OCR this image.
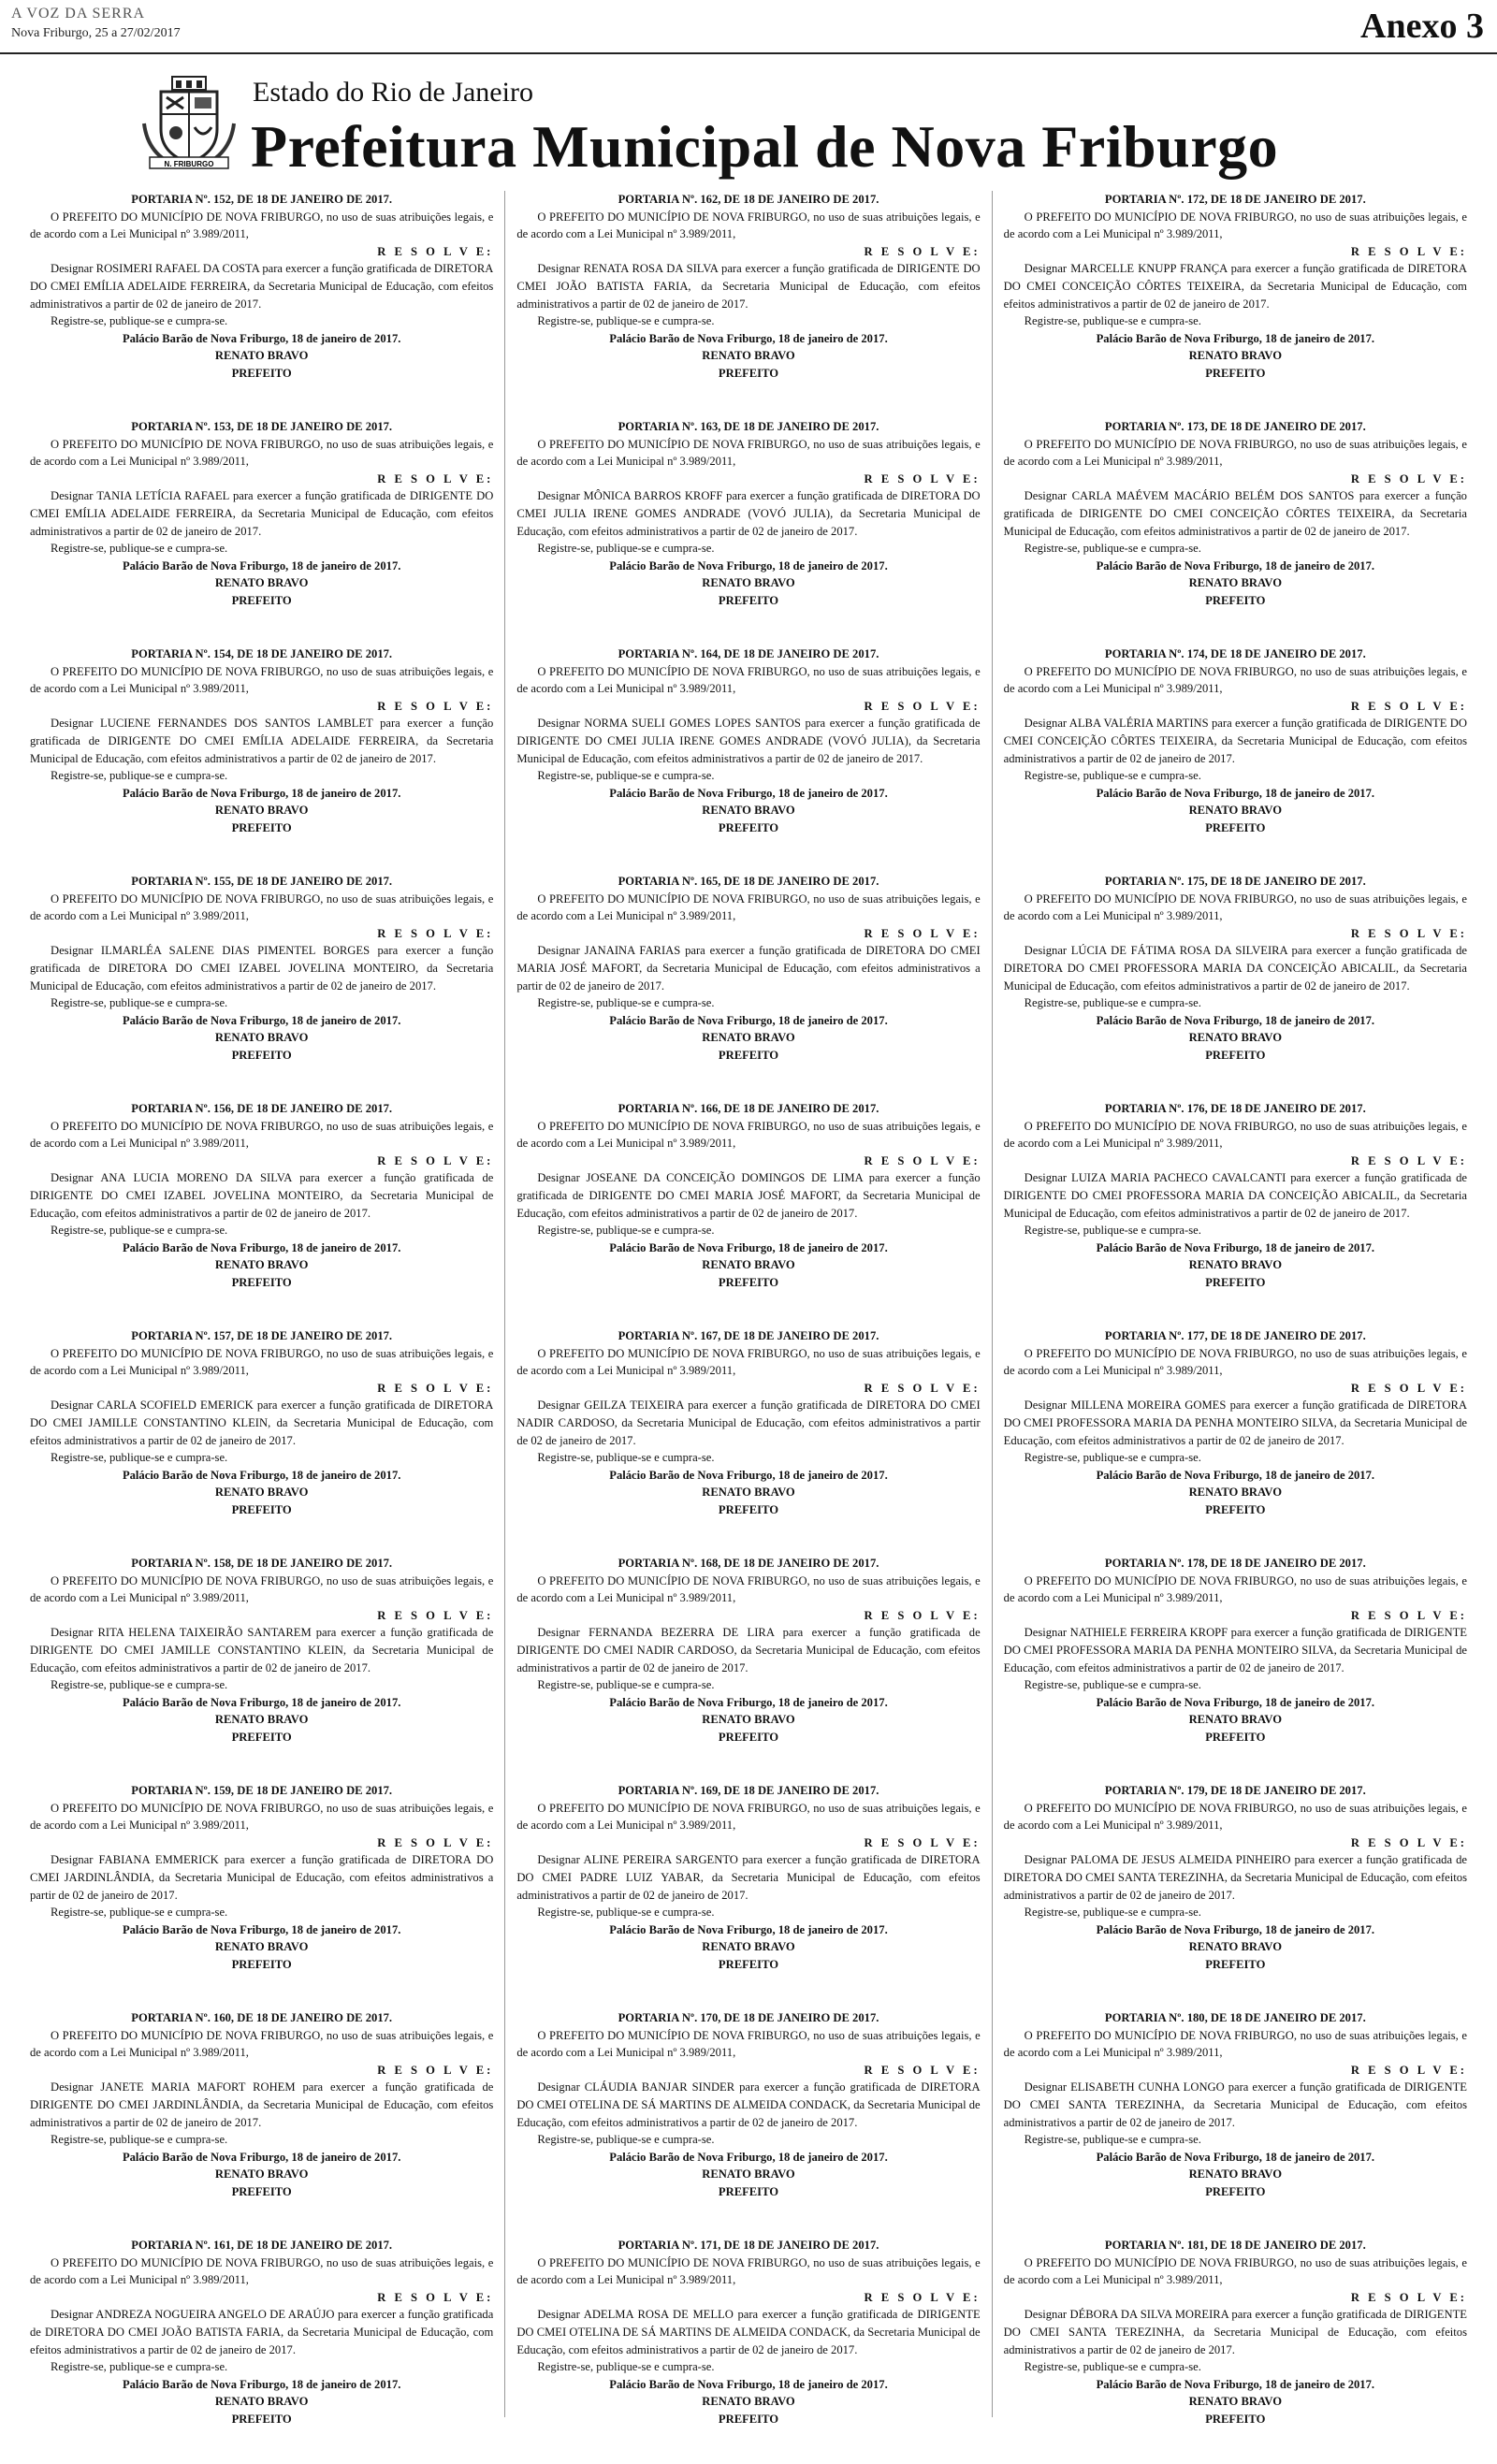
A VOZ DA SERRA
Nova Friburgo, 25 a 27/02/2017	Anexo 3
N. FRIBURGO
Estado do Rio de Janeiro
Prefeitura Municipal de Nova Friburgo
PORTARIA Nº. 152, DE 18 DE JANEIRO DE 2017.
O PREFEITO DO MUNICÍPIO DE NOVA FRIBURGO, no uso de suas atribuições legais, e de acordo com a Lei Municipal nº 3.989/2011,
R E S O L V E:
Designar ROSIMERI RAFAEL DA COSTA para exercer a função gratificada de DIRETORA DO CMEI EMÍLIA ADELAIDE FERREIRA, da Secretaria Municipal de Educação, com efeitos administrativos a partir de 02 de janeiro de 2017.
Registre-se, publique-se e cumpra-se.
Palácio Barão de Nova Friburgo, 18 de janeiro de 2017.
RENATO BRAVO
PREFEITO
PORTARIA Nº. 153, DE 18 DE JANEIRO DE 2017.
O PREFEITO DO MUNICÍPIO DE NOVA FRIBURGO, no uso de suas atribuições legais, e de acordo com a Lei Municipal nº 3.989/2011,
R E S O L V E:
Designar TANIA LETÍCIA RAFAEL para exercer a função gratificada de DIRIGENTE DO CMEI EMÍLIA ADELAIDE FERREIRA, da Secretaria Municipal de Educação, com efeitos administrativos a partir de 02 de janeiro de 2017.
Registre-se, publique-se e cumpra-se.
Palácio Barão de Nova Friburgo, 18 de janeiro de 2017.
RENATO BRAVO
PREFEITO
PORTARIA Nº. 154, DE 18 DE JANEIRO DE 2017.
O PREFEITO DO MUNICÍPIO DE NOVA FRIBURGO, no uso de suas atribuições legais, e de acordo com a Lei Municipal nº 3.989/2011,
R E S O L V E:
Designar LUCIENE FERNANDES DOS SANTOS LAMBLET para exercer a função gratificada de DIRIGENTE DO CMEI EMÍLIA ADELAIDE FERREIRA, da Secretaria Municipal de Educação, com efeitos administrativos a partir de 02 de janeiro de 2017.
Registre-se, publique-se e cumpra-se.
Palácio Barão de Nova Friburgo, 18 de janeiro de 2017.
RENATO BRAVO
PREFEITO
PORTARIA Nº. 155, DE 18 DE JANEIRO DE 2017.
O PREFEITO DO MUNICÍPIO DE NOVA FRIBURGO, no uso de suas atribuições legais, e de acordo com a Lei Municipal nº 3.989/2011,
R E S O L V E:
Designar ILMARLÉA SALENE DIAS PIMENTEL BORGES para exercer a função gratificada de DIRETORA DO CMEI IZABEL JOVELINA MONTEIRO, da Secretaria Municipal de Educação, com efeitos administrativos a partir de 02 de janeiro de 2017.
Registre-se, publique-se e cumpra-se.
Palácio Barão de Nova Friburgo, 18 de janeiro de 2017.
RENATO BRAVO
PREFEITO
PORTARIA Nº. 156, DE 18 DE JANEIRO DE 2017.
O PREFEITO DO MUNICÍPIO DE NOVA FRIBURGO, no uso de suas atribuições legais, e de acordo com a Lei Municipal nº 3.989/2011,
R E S O L V E:
Designar ANA LUCIA MORENO DA SILVA para exercer a função gratificada de DIRIGENTE DO CMEI IZABEL JOVELINA MONTEIRO, da Secretaria Municipal de Educação, com efeitos administrativos a partir de 02 de janeiro de 2017.
Registre-se, publique-se e cumpra-se.
Palácio Barão de Nova Friburgo, 18 de janeiro de 2017.
RENATO BRAVO
PREFEITO
PORTARIA Nº. 157, DE 18 DE JANEIRO DE 2017.
O PREFEITO DO MUNICÍPIO DE NOVA FRIBURGO, no uso de suas atribuições legais, e de acordo com a Lei Municipal nº 3.989/2011,
R E S O L V E:
Designar CARLA SCOFIELD EMERICK para exercer a função gratificada de DIRETORA DO CMEI JAMILLE CONSTANTINO KLEIN, da Secretaria Municipal de Educação, com efeitos administrativos a partir de 02 de janeiro de 2017.
Registre-se, publique-se e cumpra-se.
Palácio Barão de Nova Friburgo, 18 de janeiro de 2017.
RENATO BRAVO
PREFEITO
PORTARIA Nº. 158, DE 18 DE JANEIRO DE 2017.
O PREFEITO DO MUNICÍPIO DE NOVA FRIBURGO, no uso de suas atribuições legais, e de acordo com a Lei Municipal nº 3.989/2011,
R E S O L V E:
Designar RITA HELENA TAIXEIRÃO SANTAREM para exercer a função gratificada de DIRIGENTE DO CMEI JAMILLE CONSTANTINO KLEIN, da Secretaria Municipal de Educação, com efeitos administrativos a partir de 02 de janeiro de 2017.
Registre-se, publique-se e cumpra-se.
Palácio Barão de Nova Friburgo, 18 de janeiro de 2017.
RENATO BRAVO
PREFEITO
PORTARIA Nº. 159, DE 18 DE JANEIRO DE 2017.
O PREFEITO DO MUNICÍPIO DE NOVA FRIBURGO, no uso de suas atribuições legais, e de acordo com a Lei Municipal nº 3.989/2011,
R E S O L V E:
Designar FABIANA EMMERICK para exercer a função gratificada de DIRETORA DO CMEI JARDINLÂNDIA, da Secretaria Municipal de Educação, com efeitos administrativos a partir de 02 de janeiro de 2017.
Registre-se, publique-se e cumpra-se.
Palácio Barão de Nova Friburgo, 18 de janeiro de 2017.
RENATO BRAVO
PREFEITO
PORTARIA Nº. 160, DE 18 DE JANEIRO DE 2017.
O PREFEITO DO MUNICÍPIO DE NOVA FRIBURGO, no uso de suas atribuições legais, e de acordo com a Lei Municipal nº 3.989/2011,
R E S O L V E:
Designar JANETE MARIA MAFORT ROHEM para exercer a função gratificada de DIRIGENTE DO CMEI JARDINLÂNDIA, da Secretaria Municipal de Educação, com efeitos administrativos a partir de 02 de janeiro de 2017.
Registre-se, publique-se e cumpra-se.
Palácio Barão de Nova Friburgo, 18 de janeiro de 2017.
RENATO BRAVO
PREFEITO
PORTARIA Nº. 161, DE 18 DE JANEIRO DE 2017.
O PREFEITO DO MUNICÍPIO DE NOVA FRIBURGO, no uso de suas atribuições legais, e de acordo com a Lei Municipal nº 3.989/2011,
R E S O L V E:
Designar ANDREZA NOGUEIRA ANGELO DE ARAÚJO para exercer a função gratificada de DIRETORA DO CMEI JOÃO BATISTA FARIA, da Secretaria Municipal de Educação, com efeitos administrativos a partir de 02 de janeiro de 2017.
Registre-se, publique-se e cumpra-se.
Palácio Barão de Nova Friburgo, 18 de janeiro de 2017.
RENATO BRAVO
PREFEITO
PORTARIA Nº. 162, DE 18 DE JANEIRO DE 2017.
O PREFEITO DO MUNICÍPIO DE NOVA FRIBURGO, no uso de suas atribuições legais, e de acordo com a Lei Municipal nº 3.989/2011,
R E S O L V E:
Designar RENATA ROSA DA SILVA para exercer a função gratificada de DIRIGENTE DO CMEI JOÃO BATISTA FARIA, da Secretaria Municipal de Educação, com efeitos administrativos a partir de 02 de janeiro de 2017.
Registre-se, publique-se e cumpra-se.
Palácio Barão de Nova Friburgo, 18 de janeiro de 2017.
RENATO BRAVO
PREFEITO
PORTARIA Nº. 163, DE 18 DE JANEIRO DE 2017.
O PREFEITO DO MUNICÍPIO DE NOVA FRIBURGO, no uso de suas atribuições legais, e de acordo com a Lei Municipal nº 3.989/2011,
R E S O L V E:
Designar MÔNICA BARROS KROFF para exercer a função gratificada de DIRETORA DO CMEI JULIA IRENE GOMES ANDRADE (VOVÓ JULIA), da Secretaria Municipal de Educação, com efeitos administrativos a partir de 02 de janeiro de 2017.
Registre-se, publique-se e cumpra-se.
Palácio Barão de Nova Friburgo, 18 de janeiro de 2017.
RENATO BRAVO
PREFEITO
PORTARIA Nº. 164, DE 18 DE JANEIRO DE 2017.
O PREFEITO DO MUNICÍPIO DE NOVA FRIBURGO, no uso de suas atribuições legais, e de acordo com a Lei Municipal nº 3.989/2011,
R E S O L V E:
Designar NORMA SUELI GOMES LOPES SANTOS para exercer a função gratificada de DIRIGENTE DO CMEI JULIA IRENE GOMES ANDRADE (VOVÓ JULIA), da Secretaria Municipal de Educação, com efeitos administrativos a partir de 02 de janeiro de 2017.
Registre-se, publique-se e cumpra-se.
Palácio Barão de Nova Friburgo, 18 de janeiro de 2017.
RENATO BRAVO
PREFEITO
PORTARIA Nº. 165, DE 18 DE JANEIRO DE 2017.
O PREFEITO DO MUNICÍPIO DE NOVA FRIBURGO, no uso de suas atribuições legais, e de acordo com a Lei Municipal nº 3.989/2011,
R E S O L V E:
Designar JANAINA FARIAS para exercer a função gratificada de DIRETORA DO CMEI MARIA JOSÉ MAFORT, da Secretaria Municipal de Educação, com efeitos administrativos a partir de 02 de janeiro de 2017.
Registre-se, publique-se e cumpra-se.
Palácio Barão de Nova Friburgo, 18 de janeiro de 2017.
RENATO BRAVO
PREFEITO
PORTARIA Nº. 166, DE 18 DE JANEIRO DE 2017.
O PREFEITO DO MUNICÍPIO DE NOVA FRIBURGO, no uso de suas atribuições legais, e de acordo com a Lei Municipal nº 3.989/2011,
R E S O L V E:
Designar JOSEANE DA CONCEIÇÃO DOMINGOS DE LIMA para exercer a função gratificada de DIRIGENTE DO CMEI MARIA JOSÉ MAFORT, da Secretaria Municipal de Educação, com efeitos administrativos a partir de 02 de janeiro de 2017.
Registre-se, publique-se e cumpra-se.
Palácio Barão de Nova Friburgo, 18 de janeiro de 2017.
RENATO BRAVO
PREFEITO
PORTARIA Nº. 167, DE 18 DE JANEIRO DE 2017.
O PREFEITO DO MUNICÍPIO DE NOVA FRIBURGO, no uso de suas atribuições legais, e de acordo com a Lei Municipal nº 3.989/2011,
R E S O L V E:
Designar GEILZA TEIXEIRA para exercer a função gratificada de DIRETORA DO CMEI NADIR CARDOSO, da Secretaria Municipal de Educação, com efeitos administrativos a partir de 02 de janeiro de 2017.
Registre-se, publique-se e cumpra-se.
Palácio Barão de Nova Friburgo, 18 de janeiro de 2017.
RENATO BRAVO
PREFEITO
PORTARIA Nº. 168, DE 18 DE JANEIRO DE 2017.
O PREFEITO DO MUNICÍPIO DE NOVA FRIBURGO, no uso de suas atribuições legais, e de acordo com a Lei Municipal nº 3.989/2011,
R E S O L V E:
Designar FERNANDA BEZERRA DE LIRA para exercer a função gratificada de DIRIGENTE DO CMEI NADIR CARDOSO, da Secretaria Municipal de Educação, com efeitos administrativos a partir de 02 de janeiro de 2017.
Registre-se, publique-se e cumpra-se.
Palácio Barão de Nova Friburgo, 18 de janeiro de 2017.
RENATO BRAVO
PREFEITO
PORTARIA Nº. 169, DE 18 DE JANEIRO DE 2017.
O PREFEITO DO MUNICÍPIO DE NOVA FRIBURGO, no uso de suas atribuições legais, e de acordo com a Lei Municipal nº 3.989/2011,
R E S O L V E:
Designar ALINE PEREIRA SARGENTO para exercer a função gratificada de DIRETORA DO CMEI PADRE LUIZ YABAR, da Secretaria Municipal de Educação, com efeitos administrativos a partir de 02 de janeiro de 2017.
Registre-se, publique-se e cumpra-se.
Palácio Barão de Nova Friburgo, 18 de janeiro de 2017.
RENATO BRAVO
PREFEITO
PORTARIA Nº. 170, DE 18 DE JANEIRO DE 2017.
O PREFEITO DO MUNICÍPIO DE NOVA FRIBURGO, no uso de suas atribuições legais, e de acordo com a Lei Municipal nº 3.989/2011,
R E S O L V E:
Designar CLÁUDIA BANJAR SINDER para exercer a função gratificada de DIRETORA DO CMEI OTELINA DE SÁ MARTINS DE ALMEIDA CONDACK, da Secretaria Municipal de Educação, com efeitos administrativos a partir de 02 de janeiro de 2017.
Registre-se, publique-se e cumpra-se.
Palácio Barão de Nova Friburgo, 18 de janeiro de 2017.
RENATO BRAVO
PREFEITO
PORTARIA Nº. 171, DE 18 DE JANEIRO DE 2017.
O PREFEITO DO MUNICÍPIO DE NOVA FRIBURGO, no uso de suas atribuições legais, e de acordo com a Lei Municipal nº 3.989/2011,
R E S O L V E:
Designar ADELMA ROSA DE MELLO para exercer a função gratificada de DIRIGENTE DO CMEI OTELINA DE SÁ MARTINS DE ALMEIDA CONDACK, da Secretaria Municipal de Educação, com efeitos administrativos a partir de 02 de janeiro de 2017.
Registre-se, publique-se e cumpra-se.
Palácio Barão de Nova Friburgo, 18 de janeiro de 2017.
RENATO BRAVO
PREFEITO
PORTARIA Nº. 172, DE 18 DE JANEIRO DE 2017.
O PREFEITO DO MUNICÍPIO DE NOVA FRIBURGO, no uso de suas atribuições legais, e de acordo com a Lei Municipal nº 3.989/2011,
R E S O L V E:
Designar MARCELLE KNUPP FRANÇA para exercer a função gratificada de DIRETORA DO CMEI CONCEIÇÃO CÔRTES TEIXEIRA, da Secretaria Municipal de Educação, com efeitos administrativos a partir de 02 de janeiro de 2017.
Registre-se, publique-se e cumpra-se.
Palácio Barão de Nova Friburgo, 18 de janeiro de 2017.
RENATO BRAVO
PREFEITO
PORTARIA Nº. 173, DE 18 DE JANEIRO DE 2017.
O PREFEITO DO MUNICÍPIO DE NOVA FRIBURGO, no uso de suas atribuições legais, e de acordo com a Lei Municipal nº 3.989/2011,
R E S O L V E:
Designar CARLA MAÉVEM MACÁRIO BELÉM DOS SANTOS para exercer a função gratificada de DIRIGENTE DO CMEI CONCEIÇÃO CÔRTES TEIXEIRA, da Secretaria Municipal de Educação, com efeitos administrativos a partir de 02 de janeiro de 2017.
Registre-se, publique-se e cumpra-se.
Palácio Barão de Nova Friburgo, 18 de janeiro de 2017.
RENATO BRAVO
PREFEITO
PORTARIA Nº. 174, DE 18 DE JANEIRO DE 2017.
O PREFEITO DO MUNICÍPIO DE NOVA FRIBURGO, no uso de suas atribuições legais, e de acordo com a Lei Municipal nº 3.989/2011,
R E S O L V E:
Designar ALBA VALÉRIA MARTINS para exercer a função gratificada de DIRIGENTE DO CMEI CONCEIÇÃO CÔRTES TEIXEIRA, da Secretaria Municipal de Educação, com efeitos administrativos a partir de 02 de janeiro de 2017.
Registre-se, publique-se e cumpra-se.
Palácio Barão de Nova Friburgo, 18 de janeiro de 2017.
RENATO BRAVO
PREFEITO
PORTARIA Nº. 175, DE 18 DE JANEIRO DE 2017.
O PREFEITO DO MUNICÍPIO DE NOVA FRIBURGO, no uso de suas atribuições legais, e de acordo com a Lei Municipal nº 3.989/2011,
R E S O L V E:
Designar LÚCIA DE FÁTIMA ROSA DA SILVEIRA para exercer a função gratificada de DIRETORA DO CMEI PROFESSORA MARIA DA CONCEIÇÃO ABICALIL, da Secretaria Municipal de Educação, com efeitos administrativos a partir de 02 de janeiro de 2017.
Registre-se, publique-se e cumpra-se.
Palácio Barão de Nova Friburgo, 18 de janeiro de 2017.
RENATO BRAVO
PREFEITO
PORTARIA Nº. 176, DE 18 DE JANEIRO DE 2017.
O PREFEITO DO MUNICÍPIO DE NOVA FRIBURGO, no uso de suas atribuições legais, e de acordo com a Lei Municipal nº 3.989/2011,
R E S O L V E:
Designar LUIZA MARIA PACHECO CAVALCANTI para exercer a função gratificada de DIRIGENTE DO CMEI PROFESSORA MARIA DA CONCEIÇÃO ABICALIL, da Secretaria Municipal de Educação, com efeitos administrativos a partir de 02 de janeiro de 2017.
Registre-se, publique-se e cumpra-se.
Palácio Barão de Nova Friburgo, 18 de janeiro de 2017.
RENATO BRAVO
PREFEITO
PORTARIA Nº. 177, DE 18 DE JANEIRO DE 2017.
O PREFEITO DO MUNICÍPIO DE NOVA FRIBURGO, no uso de suas atribuições legais, e de acordo com a Lei Municipal nº 3.989/2011,
R E S O L V E:
Designar MILLENA MOREIRA GOMES para exercer a função gratificada de DIRETORA DO CMEI PROFESSORA MARIA DA PENHA MONTEIRO SILVA, da Secretaria Municipal de Educação, com efeitos administrativos a partir de 02 de janeiro de 2017.
Registre-se, publique-se e cumpra-se.
Palácio Barão de Nova Friburgo, 18 de janeiro de 2017.
RENATO BRAVO
PREFEITO
PORTARIA Nº. 178, DE 18 DE JANEIRO DE 2017.
O PREFEITO DO MUNICÍPIO DE NOVA FRIBURGO, no uso de suas atribuições legais, e de acordo com a Lei Municipal nº 3.989/2011,
R E S O L V E:
Designar NATHIELE FERREIRA KROPF para exercer a função gratificada de DIRIGENTE DO CMEI PROFESSORA MARIA DA PENHA MONTEIRO SILVA, da Secretaria Municipal de Educação, com efeitos administrativos a partir de 02 de janeiro de 2017.
Registre-se, publique-se e cumpra-se.
Palácio Barão de Nova Friburgo, 18 de janeiro de 2017.
RENATO BRAVO
PREFEITO
PORTARIA Nº. 179, DE 18 DE JANEIRO DE 2017.
O PREFEITO DO MUNICÍPIO DE NOVA FRIBURGO, no uso de suas atribuições legais, e de acordo com a Lei Municipal nº 3.989/2011,
R E S O L V E:
Designar PALOMA DE JESUS ALMEIDA PINHEIRO para exercer a função gratificada de DIRETORA DO CMEI SANTA TEREZINHA, da Secretaria Municipal de Educação, com efeitos administrativos a partir de 02 de janeiro de 2017.
Registre-se, publique-se e cumpra-se.
Palácio Barão de Nova Friburgo, 18 de janeiro de 2017.
RENATO BRAVO
PREFEITO
PORTARIA Nº. 180, DE 18 DE JANEIRO DE 2017.
O PREFEITO DO MUNICÍPIO DE NOVA FRIBURGO, no uso de suas atribuições legais, e de acordo com a Lei Municipal nº 3.989/2011,
R E S O L V E:
Designar ELISABETH CUNHA LONGO para exercer a função gratificada de DIRIGENTE DO CMEI SANTA TEREZINHA, da Secretaria Municipal de Educação, com efeitos administrativos a partir de 02 de janeiro de 2017.
Registre-se, publique-se e cumpra-se.
Palácio Barão de Nova Friburgo, 18 de janeiro de 2017.
RENATO BRAVO
PREFEITO
PORTARIA Nº. 181, DE 18 DE JANEIRO DE 2017.
O PREFEITO DO MUNICÍPIO DE NOVA FRIBURGO, no uso de suas atribuições legais, e de acordo com a Lei Municipal nº 3.989/2011,
R E S O L V E:
Designar DÉBORA DA SILVA MOREIRA para exercer a função gratificada de DIRIGENTE DO CMEI SANTA TEREZINHA, da Secretaria Municipal de Educação, com efeitos administrativos a partir de 02 de janeiro de 2017.
Registre-se, publique-se e cumpra-se.
Palácio Barão de Nova Friburgo, 18 de janeiro de 2017.
RENATO BRAVO
PREFEITO
